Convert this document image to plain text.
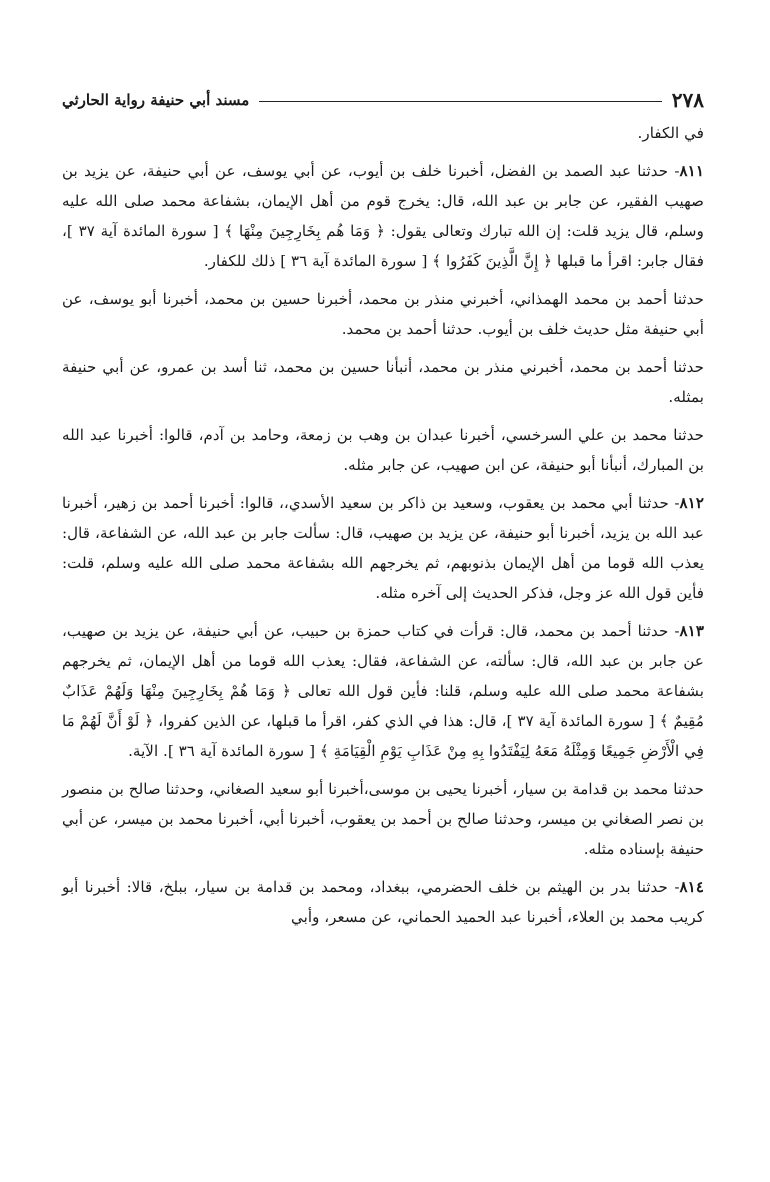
٢٧٨
مسند أبي حنيفة رواية الحارثي

في الكفار.

٨١١- حدثنا عبد الصمد بن الفضل، أخبرنا خلف بن أيوب، عن أبي يوسف، عن أبي حنيفة، عن يزيد بن صهيب الفقير، عن جابر بن عبد الله، قال: يخرج قوم من أهل الإيمان، بشفاعة محمد صلى الله عليه وسلم، قال يزيد قلت: إن الله تبارك وتعالى يقول: ﴿ وَمَا هُم بِخَارِجِينَ مِنْهَا ﴾ [ سورة المائدة آية ٣٧ ]، فقال جابر: اقرأ ما قبلها ﴿ إِنَّ الَّذِينَ كَفَرُوا ﴾ [ سورة المائدة آية ٣٦ ] ذلك للكفار.

حدثنا أحمد بن محمد الهمذاني، أخبرني منذر بن محمد، أخبرنا حسين بن محمد، أخبرنا أبو يوسف، عن أبي حنيفة مثل حديث خلف بن أيوب. حدثنا أحمد بن محمد.

حدثنا أحمد بن محمد، أخبرني منذر بن محمد، أنبأنا حسين بن محمد، ثنا أسد بن عمرو، عن أبي حنيفة بمثله.

حدثنا محمد بن علي السرخسي، أخبرنا عبدان بن وهب بن زمعة، وحامد بن آدم، قالوا: أخبرنا عبد الله بن المبارك، أنبأنا أبو حنيفة، عن ابن صهيب، عن جابر مثله.

٨١٢- حدثنا أبي محمد بن يعقوب، وسعيد بن ذاكر بن سعيد الأسدي،، قالوا: أخبرنا أحمد بن زهير، أخبرنا عبد الله بن يزيد، أخبرنا أبو حنيفة، عن يزيد بن صهيب، قال: سألت جابر بن عبد الله، عن الشفاعة، قال: يعذب الله قوما من أهل الإيمان بذنوبهم، ثم يخرجهم الله بشفاعة محمد صلى الله عليه وسلم، قلت: فأين قول الله عز وجل، فذكر الحديث إلى آخره مثله.

٨١٣- حدثنا أحمد بن محمد، قال: قرأت في كتاب حمزة بن حبيب، عن أبي حنيفة، عن يزيد بن صهيب، عن جابر بن عبد الله، قال: سألته، عن الشفاعة، فقال: يعذب الله قوما من أهل الإيمان، ثم يخرجهم بشفاعة محمد صلى الله عليه وسلم، قلنا: فأين قول الله تعالى ﴿ وَمَا هُمْ بِخَارِجِينَ مِنْهَا وَلَهُمْ عَذَابٌ مُقِيمٌ ﴾ [ سورة المائدة آية ٣٧ ]، قال: هذا في الذي كفر، اقرأ ما قبلها، عن الذين كفروا، ﴿ لَوْ أَنَّ لَهُمْ مَا فِي الْأَرْضِ جَمِيعًا وَمِثْلَهُ مَعَهُ لِيَفْتَدُوا بِهِ مِنْ عَذَابِ يَوْمِ الْقِيَامَةِ ﴾ [ سورة المائدة آية ٣٦ ]. الآية.

حدثنا محمد بن قدامة بن سيار، أخبرنا يحيى بن موسى،أخبرنا أبو سعيد الصغاني، وحدثنا صالح بن منصور بن نصر الصغاني بن ميسر، وحدثنا صالح بن أحمد بن يعقوب، أخبرنا أبي، أخبرنا محمد بن ميسر، عن أبي حنيفة بإسناده مثله.

٨١٤- حدثنا بدر بن الهيثم بن خلف الحضرمي، ببغداد، ومحمد بن قدامة بن سيار، ببلخ، قالا: أخبرنا أبو كريب محمد بن العلاء، أخبرنا عبد الحميد الحماني، عن مسعر، وأبي
